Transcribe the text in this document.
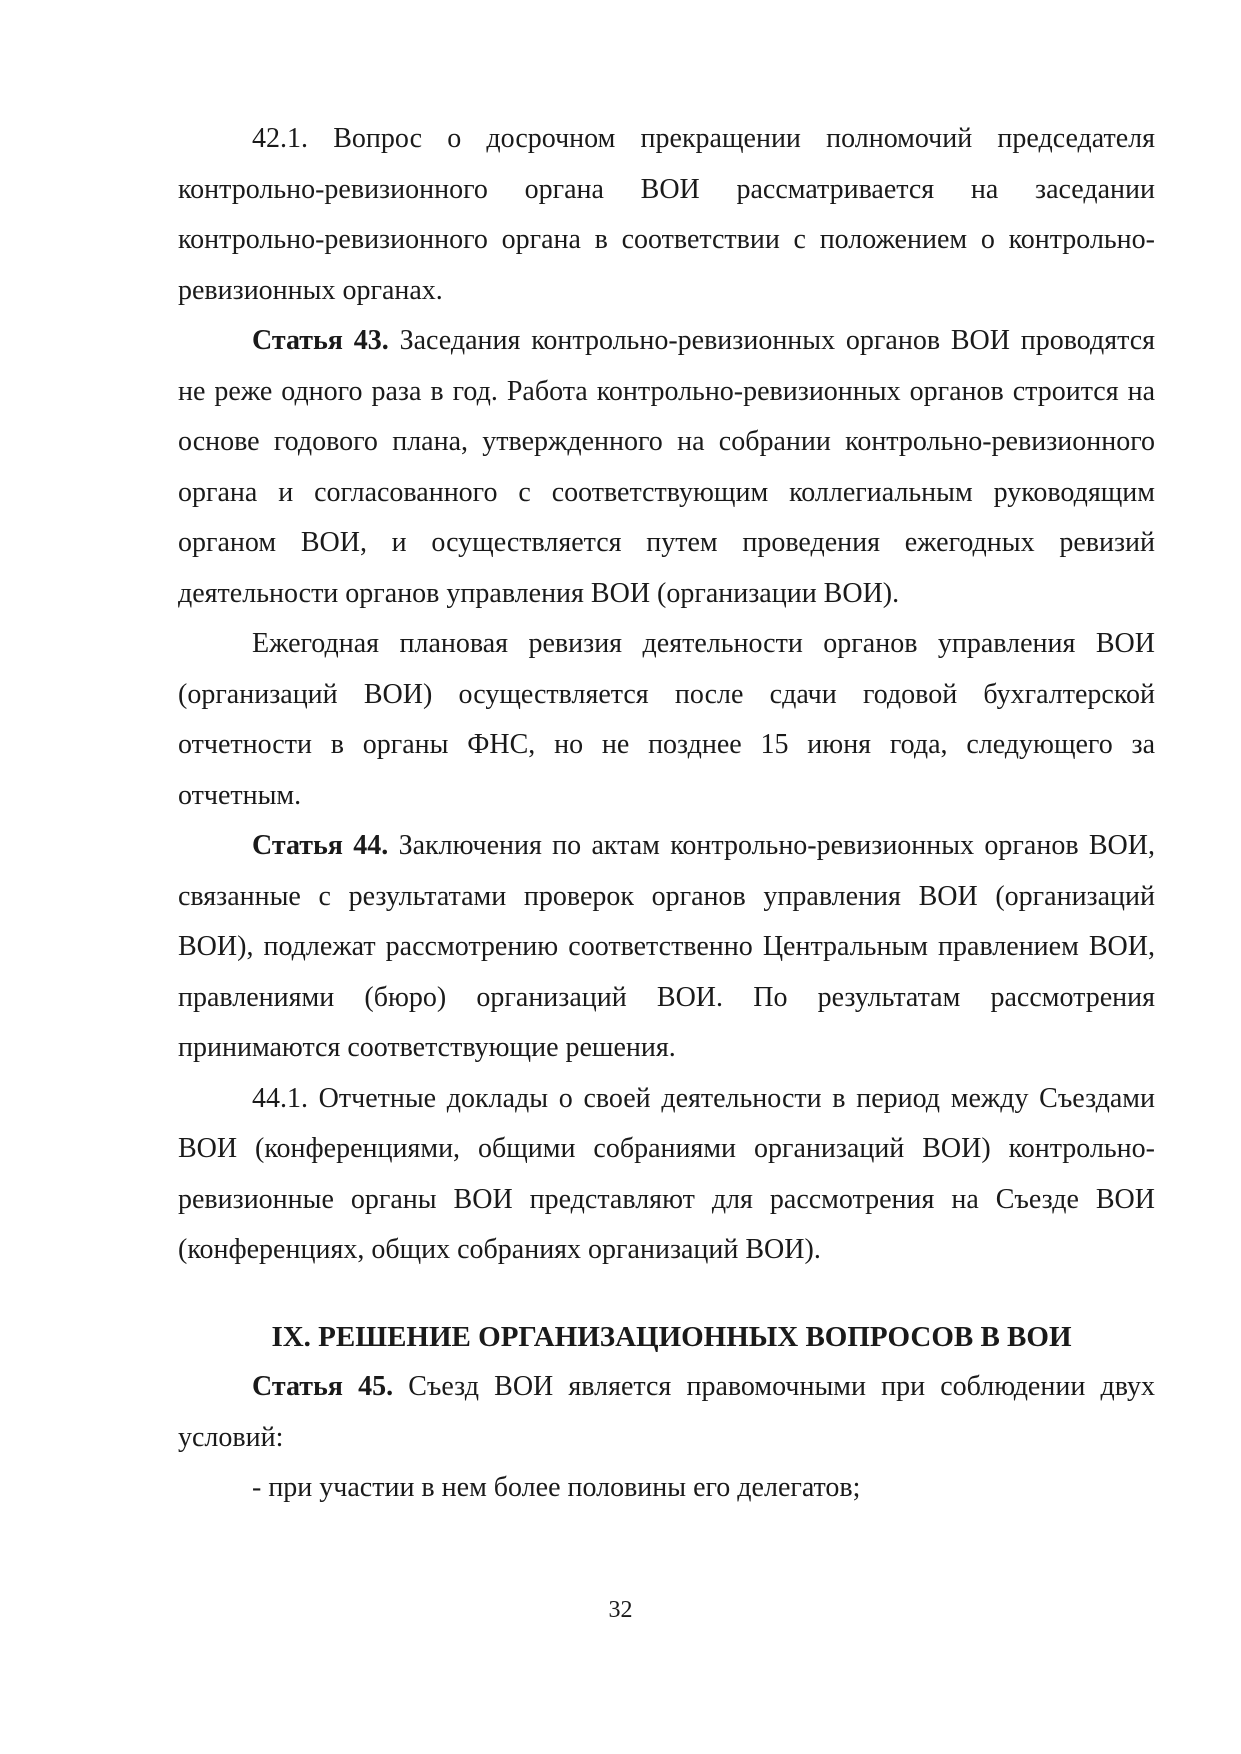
42.1. Вопрос о досрочном прекращении полномочий председателя контрольно-ревизионного органа ВОИ рассматривается на заседании контрольно-ревизионного органа в соответствии с положением о контрольно-ревизионных органах.

Статья 43. Заседания контрольно-ревизионных органов ВОИ проводятся не реже одного раза в год. Работа контрольно-ревизионных органов строится на основе годового плана, утвержденного на собрании контрольно-ревизионного органа и согласованного с соответствующим коллегиальным руководящим органом ВОИ, и осуществляется путем проведения ежегодных ревизий деятельности органов управления ВОИ (организации ВОИ).

Ежегодная плановая ревизия деятельности органов управления ВОИ (организаций ВОИ) осуществляется после сдачи годовой бухгалтерской отчетности в органы ФНС, но не позднее 15 июня года, следующего за отчетным.

Статья 44. Заключения по актам контрольно-ревизионных органов ВОИ, связанные с результатами проверок органов управления ВОИ (организаций ВОИ), подлежат рассмотрению соответственно Центральным правлением ВОИ, правлениями (бюро) организаций ВОИ. По результатам рассмотрения принимаются соответствующие решения.

44.1. Отчетные доклады о своей деятельности в период между Съездами ВОИ (конференциями, общими собраниями организаций ВОИ) контрольно-ревизионные органы ВОИ представляют для рассмотрения на Съезде ВОИ (конференциях, общих собраниях организаций ВОИ).

IX. РЕШЕНИЕ ОРГАНИЗАЦИОННЫХ ВОПРОСОВ В ВОИ

Статья 45. Съезд ВОИ является правомочными при соблюдении двух условий:

- при участии в нем более половины его делегатов;

32
